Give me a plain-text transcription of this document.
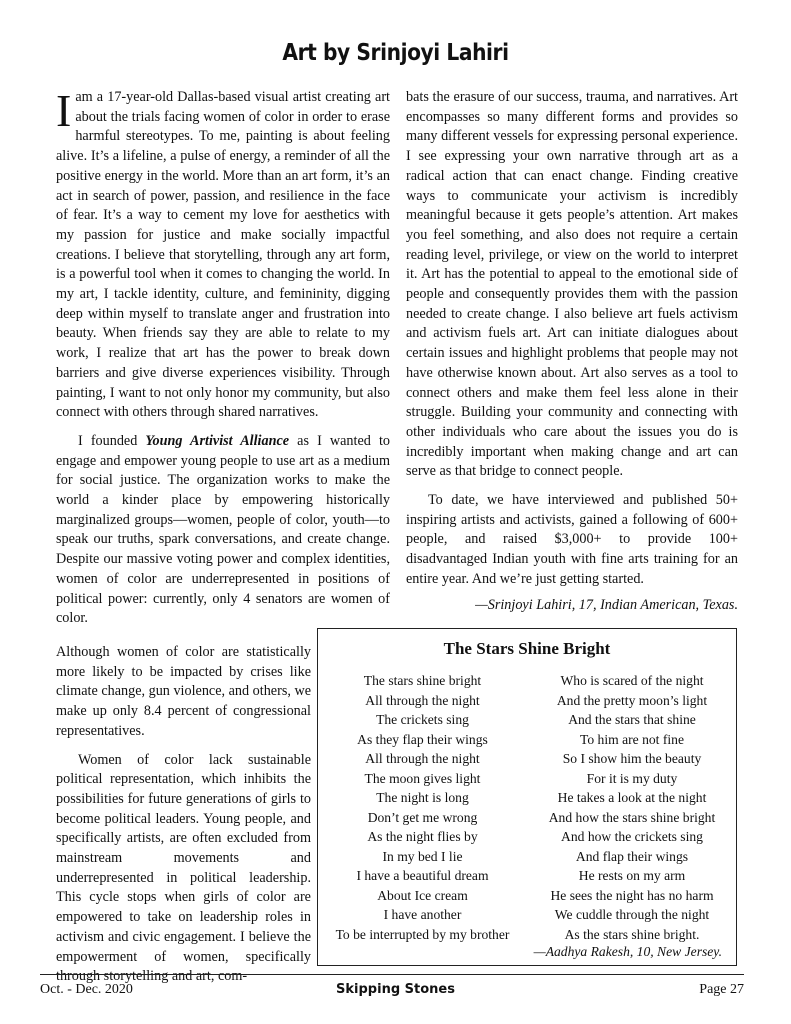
Art by Srinjoyi Lahiri

Iam a 17-year-old Dallas-based visual artist creating art about the trials facing women of color in order to erase harmful stereotypes. To me, painting is about feeling alive. It’s a lifeline, a pulse of energy, a reminder of all the positive energy in the world. More than an art form, it’s an act in search of power, passion, and resilience in the face of fear. It’s a way to cement my love for aesthetics with my passion for justice and make socially impactful creations. I believe that storytelling, through any art form, is a powerful tool when it comes to changing the world. In my art, I tackle identity, culture, and femininity, digging deep within myself to translate anger and frustration into beauty. When friends say they are able to relate to my work, I realize that art has the power to break down barriers and give diverse experiences visibility. Through painting, I want to not only honor my community, but also connect with others through shared narratives.

I founded Young Artivist Alliance as I wanted to engage and empower young people to use art as a medium for social justice. The organization works to make the world a kinder place by empowering historically marginalized groups—women, people of color, youth—to speak our truths, spark conversations, and create change. Despite our massive voting power and complex identities, women of color are underrepresented in positions of political power: currently, only 4 senators are women of color.

Although women of color are statistically more likely to be impacted by crises like climate change, gun violence, and others, we make up only 8.4 percent of congressional representatives.

Women of color lack sustainable political representation, which inhibits the possibilities for future generations of girls to become political leaders. Young people, and specifically artists, are often excluded from mainstream movements and underrepresented in political leadership. This cycle stops when girls of color are empowered to take on leadership roles in activism and civic engagement. I believe the empowerment of women, specifically through storytelling and art, com-

bats the erasure of our success, trauma, and narratives. Art encompasses so many different forms and provides so many different vessels for expressing personal experience. I see expressing your own narrative through art as a radical action that can enact change. Finding creative ways to communicate your activism is incredibly meaningful because it gets people’s attention. Art makes you feel something, and also does not require a certain reading level, privilege, or view on the world to interpret it. Art has the potential to appeal to the emotional side of people and consequently provides them with the passion needed to create change. I also believe art fuels activism and activism fuels art. Art can initiate dialogues about certain issues and highlight problems that people may not have otherwise known about. Art also serves as a tool to connect others and make them feel less alone in their struggle. Building your community and connecting with other individuals who care about the issues you do is incredibly important when making change and art can serve as that bridge to connect people.

To date, we have interviewed and published 50+ inspiring artists and activists, gained a following of 600+ people, and raised $3,000+ to provide 100+ disadvantaged Indian youth with fine arts training for an entire year. And we’re just getting started.

—Srinjoyi Lahiri, 17, Indian American, Texas.

The Stars Shine Bright
The stars shine bright
All through the night
The crickets sing
As they flap their wings
All through the night
The moon gives light
The night is long
Don’t get me wrong
As the night flies by
In my bed I lie
I have a beautiful dream
About Ice cream
I have another
To be interrupted by my brother
Who is scared of the night
And the pretty moon’s light
And the stars that shine
To him are not fine
So I show him the beauty
For it is my duty
He takes a look at the night
And how the stars shine bright
And how the crickets sing
And flap their wings
He rests on my arm
He sees the night has no harm
We cuddle through the night
As the stars shine bright.
—Aadhya Rakesh, 10, New Jersey.
Oct. - Dec. 2020	Skipping Stones	Page 27
